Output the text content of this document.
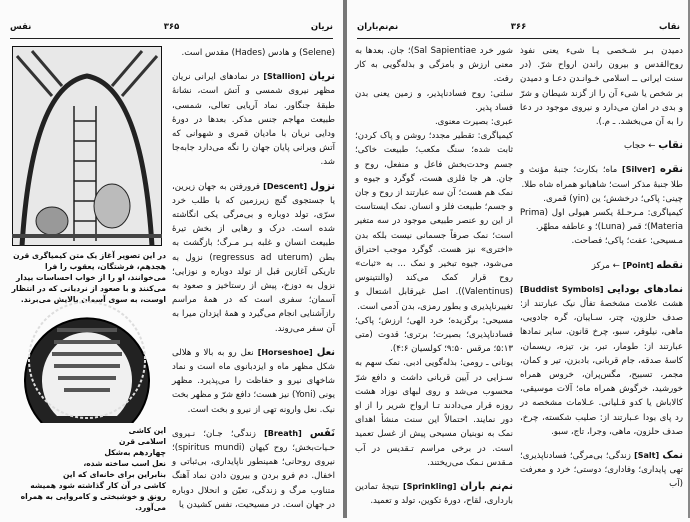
نریان
۳۶۵
نقس

(Selene) و هادس (Hades) مقدس است.

نریان [Stallion] در نمادهای ایرانی نریان مظهر نیروی شمسی و آتش است، نشانهٔ طبقهٔ جنگاور. نماد آریایی تعالی، شمسی، طبیعت مهاجم جنس مذکر. بعدها در دورهٔ ودایی نریان با مادیان قمری و شهوانی که آتش ویرانی پایان جهان را نگه می‌دارد جابه‌جا شد.

نزول [Descent] فرورفتن به جهان زیرین، یا جستجوی گنج زیرزمین که با طلب خرد سرّی، تولد دوباره و بی‌مرگی یکی انگاشته شده است. درک و رهایی از بخش تیرهٔ طبیعت انسان و غلبه بـر مـرگ؛ بازگشت به بطن (regressus ad uterum) نزول به تاریکی آغازین قبل از تولد دوباره و نوزایی؛ نزول به دوزخ، پیش از رستاخیز و صعود به آسمان؛ سفری است که در همهٔ مراسم رازآشنایی انجام می‌گیرد و همهٔ ایزدان میرا به آن سفر می‌روند.

نعل [Horseshoe] نعل رو به بالا و هلالی شکل مظهر ماه و ایزدبانوی ماه است و نماد شاخهای نیرو و حفاظت را می‌پذیرد. مظهر یونی (Yoni) نیز هست؛ دافع شرّ و مظهر بخت نیک. نعل وارونه تهی از نیرو و بخت است.

نَفَس [Breath] زندگی؛ جـان؛ نـیروی حـیات‌بخش؛ روح کیهان (spiritus mundi)؛ نیروی روحانی؛ همینطور ناپایداری، بی‌ثباتی و اخفال. دم فرو بردن و بیرون دادن نماد آهنگ متناوب مرگ و زندگی، تعیّن و انحلال دوباره در جهان است. در مسیحیت، نفس کشیدن یا

در این تصویر آغاز یک متن کیمیاگری قرن هجدهم، فرشتگان، یعقوب را فرا می‌خوانند، او را از خواب احساسات بیدار می‌کنند و با صعود از نردبانی که در انتظار اوست، به سوی آسمان بالایش می‌برند.
این کاشی
اسلامی قرن
چهاردهم به‌شکل
نعل اسب ساخته شده،
بنابراین برای خانه‌ای که این
کاشی در آن کار گذاشته شود همیشه
رونق و خوشبختی و کامروایی به همراه می‌آورد.
نقاب
۳۶۶
نم‌نم‌باران

دمیدن بـر شـخصی یـا شیء یعنی نفوذ روح‌القدس و بیرون راندن ارواح شرّ. (در سنت ایرانی ــ اسلامی خـوانـدن دعـا و دمیدن بر شخص یا شیء آن را از گزند شیطان و شرّ و بدی در امان می‌دارد و نیروی موجود در دعا را به آن می‌بخشد. ـ م.).

نقاب ← حجاب

نقره [Silver] ماه؛ بکارت؛ جنبهٔ مؤنث و طلا جنبهٔ مذکر است؛ شاهبانو همراه شاه طلا.

چینی: پاکی؛ درخشش؛ ین (yin) قمری.

کیمیاگری: مـرحـلهٔ یکسر هیولی اول (Prima Materia)؛ قمر (Luna)؛ و عاطفه مطهّر.

مـسیحی: عفت؛ پاکی؛ فصاحت.

نقطه [Point] ← مرکز

نمادهای بودایی [Buddist Symbols] هشت علامت مشخصهٔ تفأل نیک عبارتند از: صدف حلزون، چتر، سـایبان، گره جادویی، ماهی، نیلوفر، سبو، چرخ قانون. سایر نمادها عبارتند از: طومار، تبر، بز، تیزه، ریسمان، کاسهٔ صدقه، جام قربانی، بادبزن، تیر و کمان، مجمر، تسبیح، مگس‌پران، خروس همراه خورشید، خرگوش همراه ماه؛ آلات موسیقی، کالاباش یا کدو قـلیانی. عـلامات مشخصه در رد پای بودا عـبارتند از: صلیب شکسته، چرخ، صدف حلزون، ماهی، وجرا، تاج، سبو.

نمک [Salt] زندگی؛ بی‌مرگی؛ فسادناپذیری؛ تهی پایداری؛ وفاداری؛ دوستی؛ خرد و معرفت (آب

شور خرد Sal Sapientiae)؛ جان. بعدها به معنی ارزش و بامزگی و بذله‌گویی به کار رفت.

سلتی: روح فسادناپذیر، و زمین یعنی بدن فساد پذیر.

عبری: بصیرت معنوی.

کیمیاگری: تقطیر مجدد؛ روشن و پاک کردن؛ ثابت شده؛ سنگ مکعب؛ طبیعت خاکی؛ جسم وحدت‌بخش فاعل و منفعل، روح و جان. هر جا فلزی هست، گوگرد و جیوه و نمک هم هست؛ آن سه عبارتند از روح و جان و جسم؛ طبیعت فلز و انسان. نمک ایستاست از این رو عنصر طبیعی موجود در سه متغیر است؛ نمک صرفاً جسمانی نیست بلکه بدن «اختری» نیز هست. گوگرد موجب احتراق می‌شود، جیوه تبخیر و نمک ... به «ثبات» روح قرار کمک می‌کند (والنتینوس (Valentinus)). اصل غیرقابل اشتعال و تغییرناپذیری و بطور رمزی، بدن آدمی است.

مسیحی: برگزیده؛ خرد الهی؛ ارزش؛ پاکی؛ فسادناپذیری؛ بصیرت؛ برتری؛ قدوت (متی ۵:۱۳؛ مرقس ۹:۵۰؛ کولسیان ۴:۶).

یونانی ـ رومی: بذله‌گویی ادبی. نمک سهم به سـزایی در آیین قربانی داشت و دافع شرّ محسوب می‌شد و روی لبهای نوزاد هشت روزه قرار می‌دادند تـا ارواح شریر را از او دور نمایند. احتمالاً این سنت منشأ اهدای نمک به نوبنیان مسیحی پیش از غسل تعمید است. در برخی مراسم تـقدیس در آب مـقدس نـمک می‌ریختند.

نم‌نم باران [Sprinkling] نتیجهٔ تمادین بارداری، لقاح، دورهٔ تکوین، تولد و تعمید.
